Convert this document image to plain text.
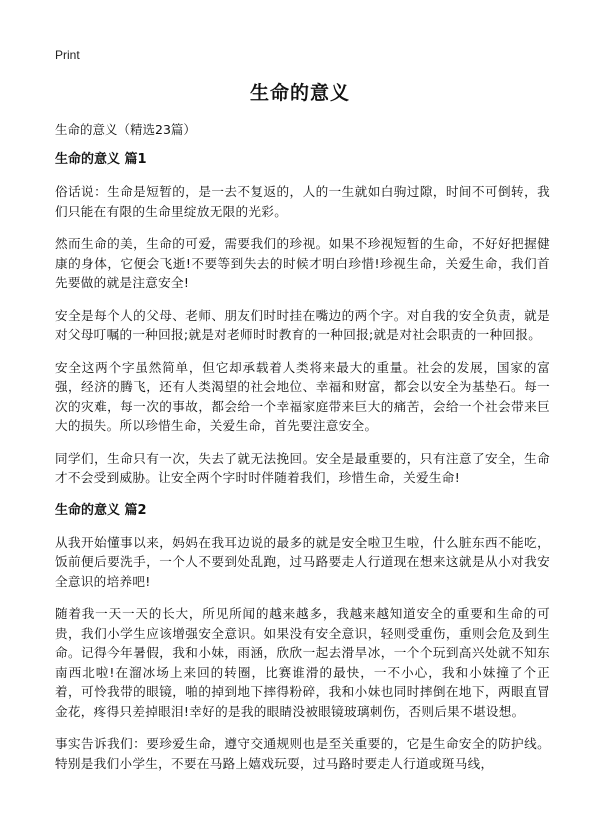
Print
生命的意义
生命的意义（精选23篇）
生命的意义 篇1

俗话说：生命是短暂的，是一去不复返的，人的一生就如白驹过隙，时间不可倒转，我们只能在有限的生命里绽放无限的光彩。

然而生命的美，生命的可爱，需要我们的珍视。如果不珍视短暂的生命，不好好把握健康的身体，它便会飞逝!不要等到失去的时候才明白珍惜!珍视生命，关爱生命，我们首先要做的就是注意安全!

安全是每个人的父母、老师、朋友们时时挂在嘴边的两个字。对自我的安全负责，就是对父母叮嘱的一种回报;就是对老师时时教育的一种回报;就是对社会职责的一种回报。

安全这两个字虽然简单，但它却承载着人类将来最大的重量。社会的发展，国家的富强，经济的腾飞，还有人类渴望的社会地位、幸福和财富，都会以安全为基垫石。每一次的灾难，每一次的事故，都会给一个幸福家庭带来巨大的痛苦，会给一个社会带来巨大的损失。所以珍惜生命，关爱生命，首先要注意安全。

同学们，生命只有一次，失去了就无法挽回。安全是最重要的，只有注意了安全，生命才不会受到威胁。让安全两个字时时伴随着我们，珍惜生命，关爱生命!

生命的意义 篇2

从我开始懂事以来，妈妈在我耳边说的最多的就是安全啦卫生啦，什么脏东西不能吃，饭前便后要洗手，一个人不要到处乱跑，过马路要走人行道现在想来这就是从小对我安全意识的培养吧!

随着我一天一天的长大，所见所闻的越来越多，我越来越知道安全的重要和生命的可贵，我们小学生应该增强安全意识。如果没有安全意识，轻则受重伤，重则会危及到生命。记得今年暑假，我和小妹，雨涵，欣欣一起去滑旱冰，一个个玩到高兴处就不知东南西北啦!在溜冰场上来回的转圈，比赛谁滑的最快，一不小心，我和小妹撞了个正着，可怜我带的眼镜，啪的掉到地下摔得粉碎，我和小妹也同时摔倒在地下，两眼直冒金花，疼得只差掉眼泪!幸好的是我的眼睛没被眼镜玻璃刺伤，否则后果不堪设想。

事实告诉我们：要珍爱生命，遵守交通规则也是至关重要的，它是生命安全的防护线。特别是我们小学生，不要在马路上嬉戏玩耍，过马路时要走人行道或斑马线，
